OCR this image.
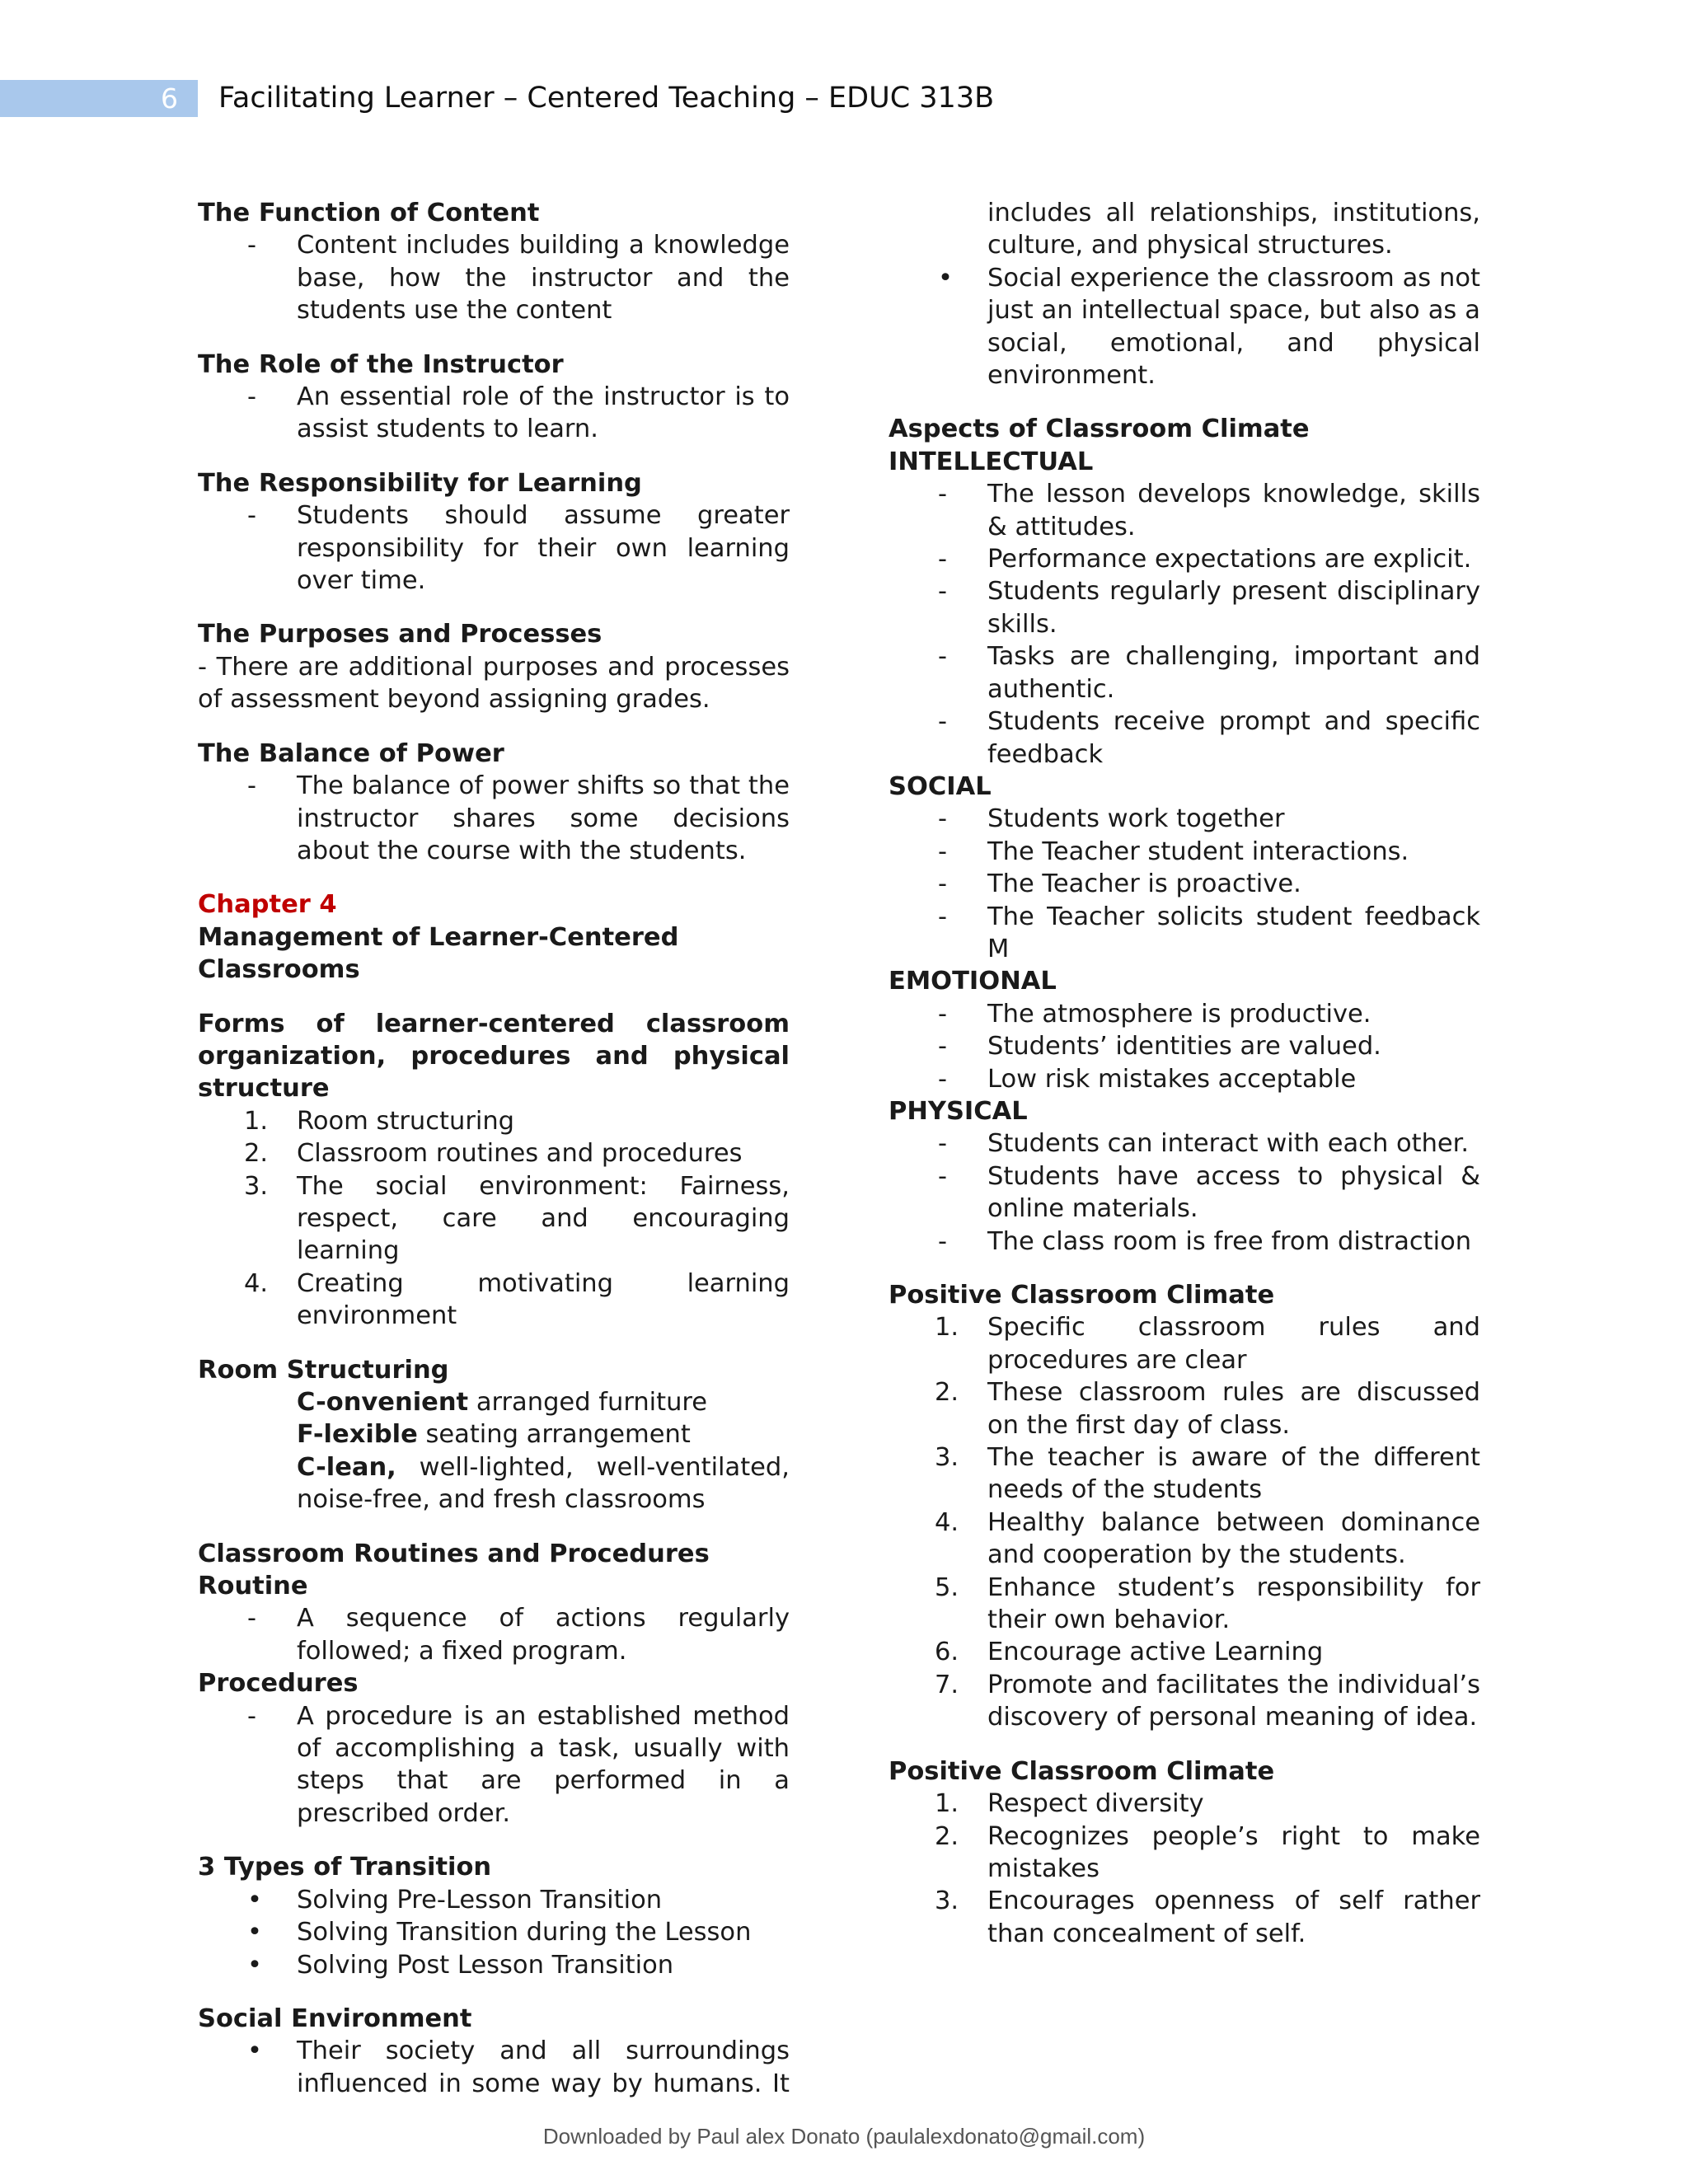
6	Facilitating Learner – Centered Teaching – EDUC 313B

The Function of Content

-	Content includes building a knowledge base, how the instructor and the students use the content

The Role of the Instructor

-	An essential role of the instructor is to assist students to learn.

The Responsibility for Learning

-	Students should assume greater responsibility for their own learning over time.

The Purposes and Processes

- There are additional purposes and processes of assessment beyond assigning grades.

The Balance of Power

-	The balance of power shifts so that the instructor shares some decisions about the course with the students.

Chapter 4

Management of Learner-Centered Classrooms

Forms of learner-centered classroom organization, procedures and physical structure

1.	Room structuring
2.	Classroom routines and procedures
3.	The social environment: Fairness, respect, care and encouraging learning
4.	Creating motivating learning environment

Room Structuring

C-onvenient arranged furniture
F-lexible seating arrangement
C-lean, well-lighted, well-ventilated, noise-free, and fresh classrooms

Classroom Routines and Procedures

Routine

-	A sequence of actions regularly followed; a fixed program.

Procedures

-	A procedure is an established method of accomplishing a task, usually with steps that are performed in a prescribed order.

3 Types of Transition

•	Solving Pre-Lesson Transition
•	Solving Transition during the Lesson
•	Solving Post Lesson Transition

Social Environment

•	Their society and all surroundings influenced in some way by humans. It
includes all relationships, institutions, culture, and physical structures.
•	Social experience the classroom as not just an intellectual space, but also as a social, emotional, and physical environment.

Aspects of Classroom Climate

INTELLECTUAL

-	The lesson develops knowledge, skills & attitudes.
-	Performance expectations are explicit.
-	Students regularly present disciplinary skills.
-	Tasks are challenging, important and authentic.
-	Students receive prompt and specific feedback

SOCIAL

-	Students work together
-	The Teacher student interactions.
-	The Teacher is proactive.
-	The Teacher solicits student feedback M

EMOTIONAL

-	The atmosphere is productive.
-	Students’ identities are valued.
-	Low risk mistakes acceptable

PHYSICAL

-	Students can interact with each other.
-	Students have access to physical & online materials.
-	The class room is free from distraction

Positive Classroom Climate

1.	Specific classroom rules and procedures are clear
2.	These classroom rules are discussed on the first day of class.
3.	The teacher is aware of the different needs of the students
4.	Healthy balance between dominance and cooperation by the students.
5.	Enhance student’s responsibility for their own behavior.
6.	Encourage active Learning
7.	Promote and facilitates the individual’s discovery of personal meaning of idea.

Positive Classroom Climate

1.	Respect diversity
2.	Recognizes people’s right to make mistakes
3.	Encourages openness of self rather than concealment of self.
Downloaded by Paul alex Donato (paulalexdonato@gmail.com)
